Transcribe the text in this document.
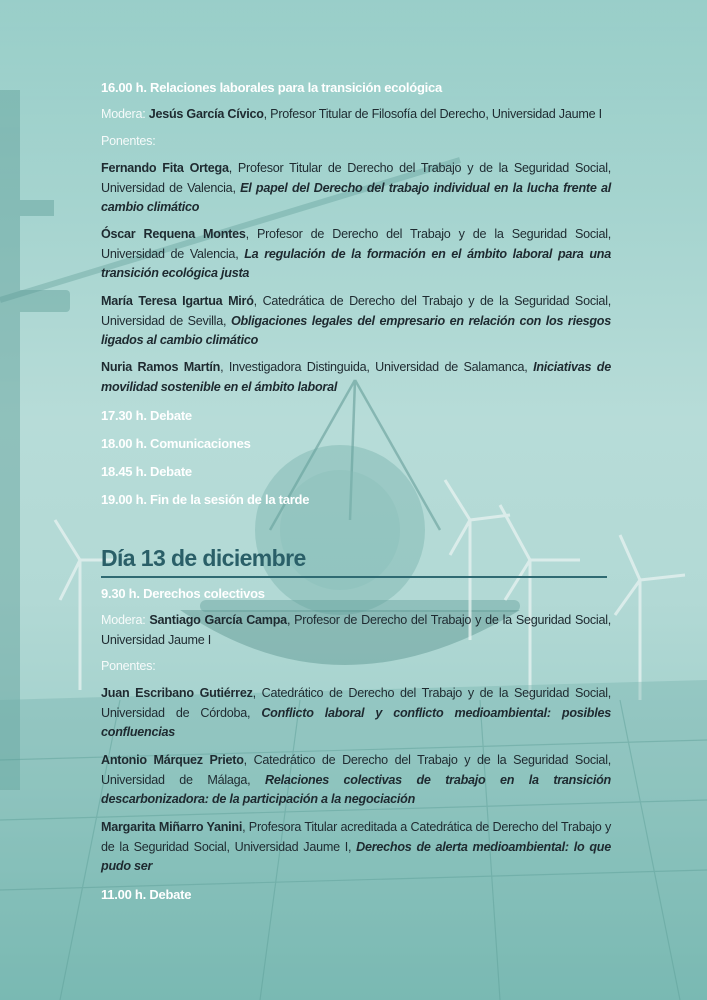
16.00 h. Relaciones laborales para la transición ecológica
Modera: Jesús García Cívico, Profesor Titular de Filosofía del Derecho, Universidad Jaume I
Ponentes:
Fernando Fita Ortega, Profesor Titular de Derecho del Trabajo y de la Seguridad Social, Universidad de Valencia, El papel del Derecho del trabajo individual en la lucha frente al cambio climático
Óscar Requena Montes, Profesor de Derecho del Trabajo y de la Seguridad Social, Universidad de Valencia, La regulación de la formación en el ámbito laboral para una transición ecológica justa
María Teresa Igartua Miró, Catedrática de Derecho del Trabajo y de la Seguridad Social, Universidad de Sevilla, Obligaciones legales del empresario en relación con los riesgos ligados al cambio climático
Nuria Ramos Martín, Investigadora Distinguida, Universidad de Salamanca, Iniciativas de movilidad sostenible en el ámbito laboral
17.30 h. Debate
18.00 h. Comunicaciones
18.45 h. Debate
19.00 h. Fin de la sesión de la tarde
Día 13 de diciembre
9.30 h. Derechos colectivos
Modera: Santiago García Campa, Profesor de Derecho del Trabajo y de la Seguridad Social, Universidad Jaume I
Ponentes:
Juan Escribano Gutiérrez, Catedrático de Derecho del Trabajo y de la Seguridad Social, Universidad de Córdoba, Conflicto laboral y conflicto medioambiental: posibles confluencias
Antonio Márquez Prieto, Catedrático de Derecho del Trabajo y de la Seguridad Social, Universidad de Málaga, Relaciones colectivas de trabajo en la transición descarbonizadora: de la participación a la negociación
Margarita Miñarro Yanini, Profesora Titular acreditada a Catedrática de Derecho del Trabajo y de la Seguridad Social, Universidad Jaume I, Derechos de alerta medioambiental: lo que pudo ser
11.00 h. Debate
